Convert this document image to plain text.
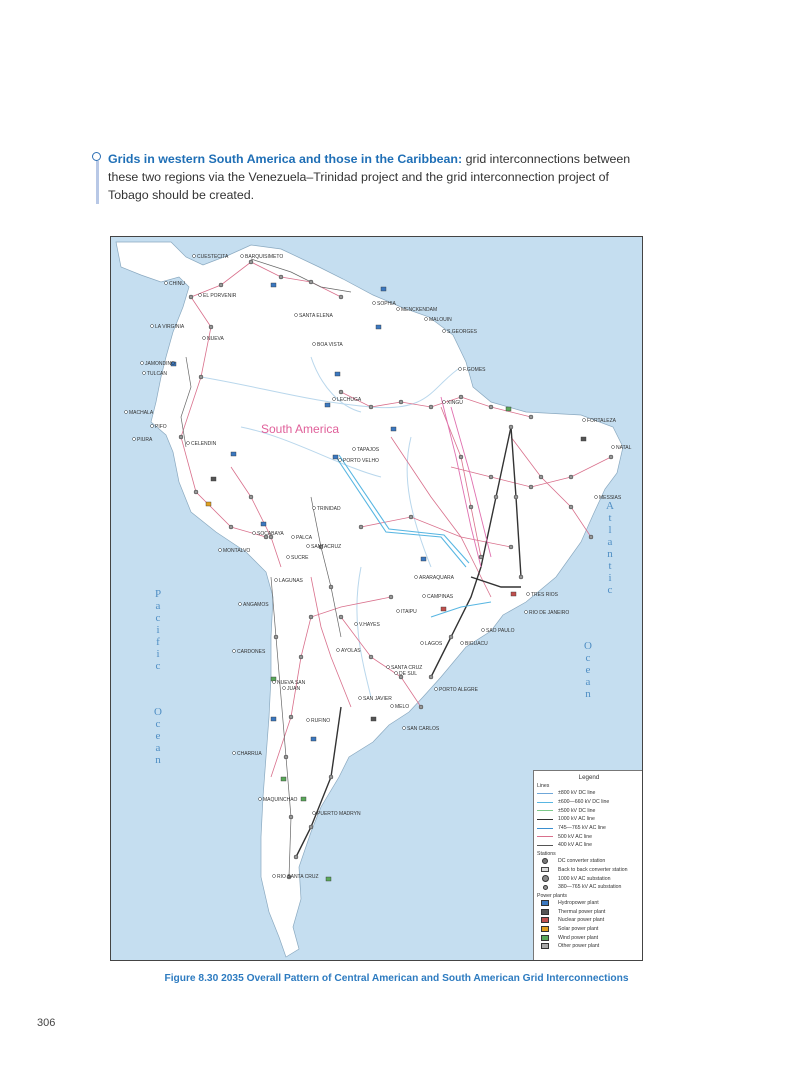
Grids in western South America and those in the Caribbean: grid interconnections between these two regions via the Venezuela–Trinidad project and the grid interconnection project of Tobago should be created.
South America
P
a
c
i
f
i
c
O
c
e
a
n
A
t
l
a
n
t
i
c
O
c
e
a
n
CUESTECITA	BARQUISIMETO
CHINU
EL PORVENIR
LA VIRGINIA
NUEVA
SANTA ELENA
SOPHIA
MENCKENDAM
MALOUIN
S.GEORGES
BOA VISTA
JAMONDINO
TULCAN
F.GOMES
MACHALA
PIFO
PIURA
CELENDIN
LECHUGA	XINGU
FORTALEZA
NATAL
TAPAJOS
PORTO VELHO
MESSIAS
TRINIDAD
SOCABAYA
PALCA
MONTALVO
SANTACRUZ
SUCRE
LAGUNAS	ARARAQUARA
ANGAMOS
CAMPINAS	TRES RIOS
RIO DE JANEIRO
ITAIPU
V.HAYES
SAO PAULO
LAGOS	BIGUACU
AYOLAS
CARDONES
SANTA CRUZ
DE SUL
NUEVA SAN
JUAN	PORTO ALEGRE
SAN JAVIER
MELO
RUFINO
SAN CARLOS
CHARRUA
MAQUINCHAO
PUERTO MADRYN
RIO SANTA CRUZ
Legend
Lines
±800 kV DC line
±600—660 kV DC line
±500 kV DC line
1000 kV AC line
745—765 kV AC line
500 kV AC line
400 kV AC line
Stations
DC converter station
Back to back converter station
1000 kV AC substation
380—765 kV AC substation
Power plants
Hydropower plant
Thermal power plant
Nuclear power plant
Solar power plant
Wind power plant
Other power plant
Figure 8.30 2035 Overall Pattern of Central American and South American Grid Interconnections
306
